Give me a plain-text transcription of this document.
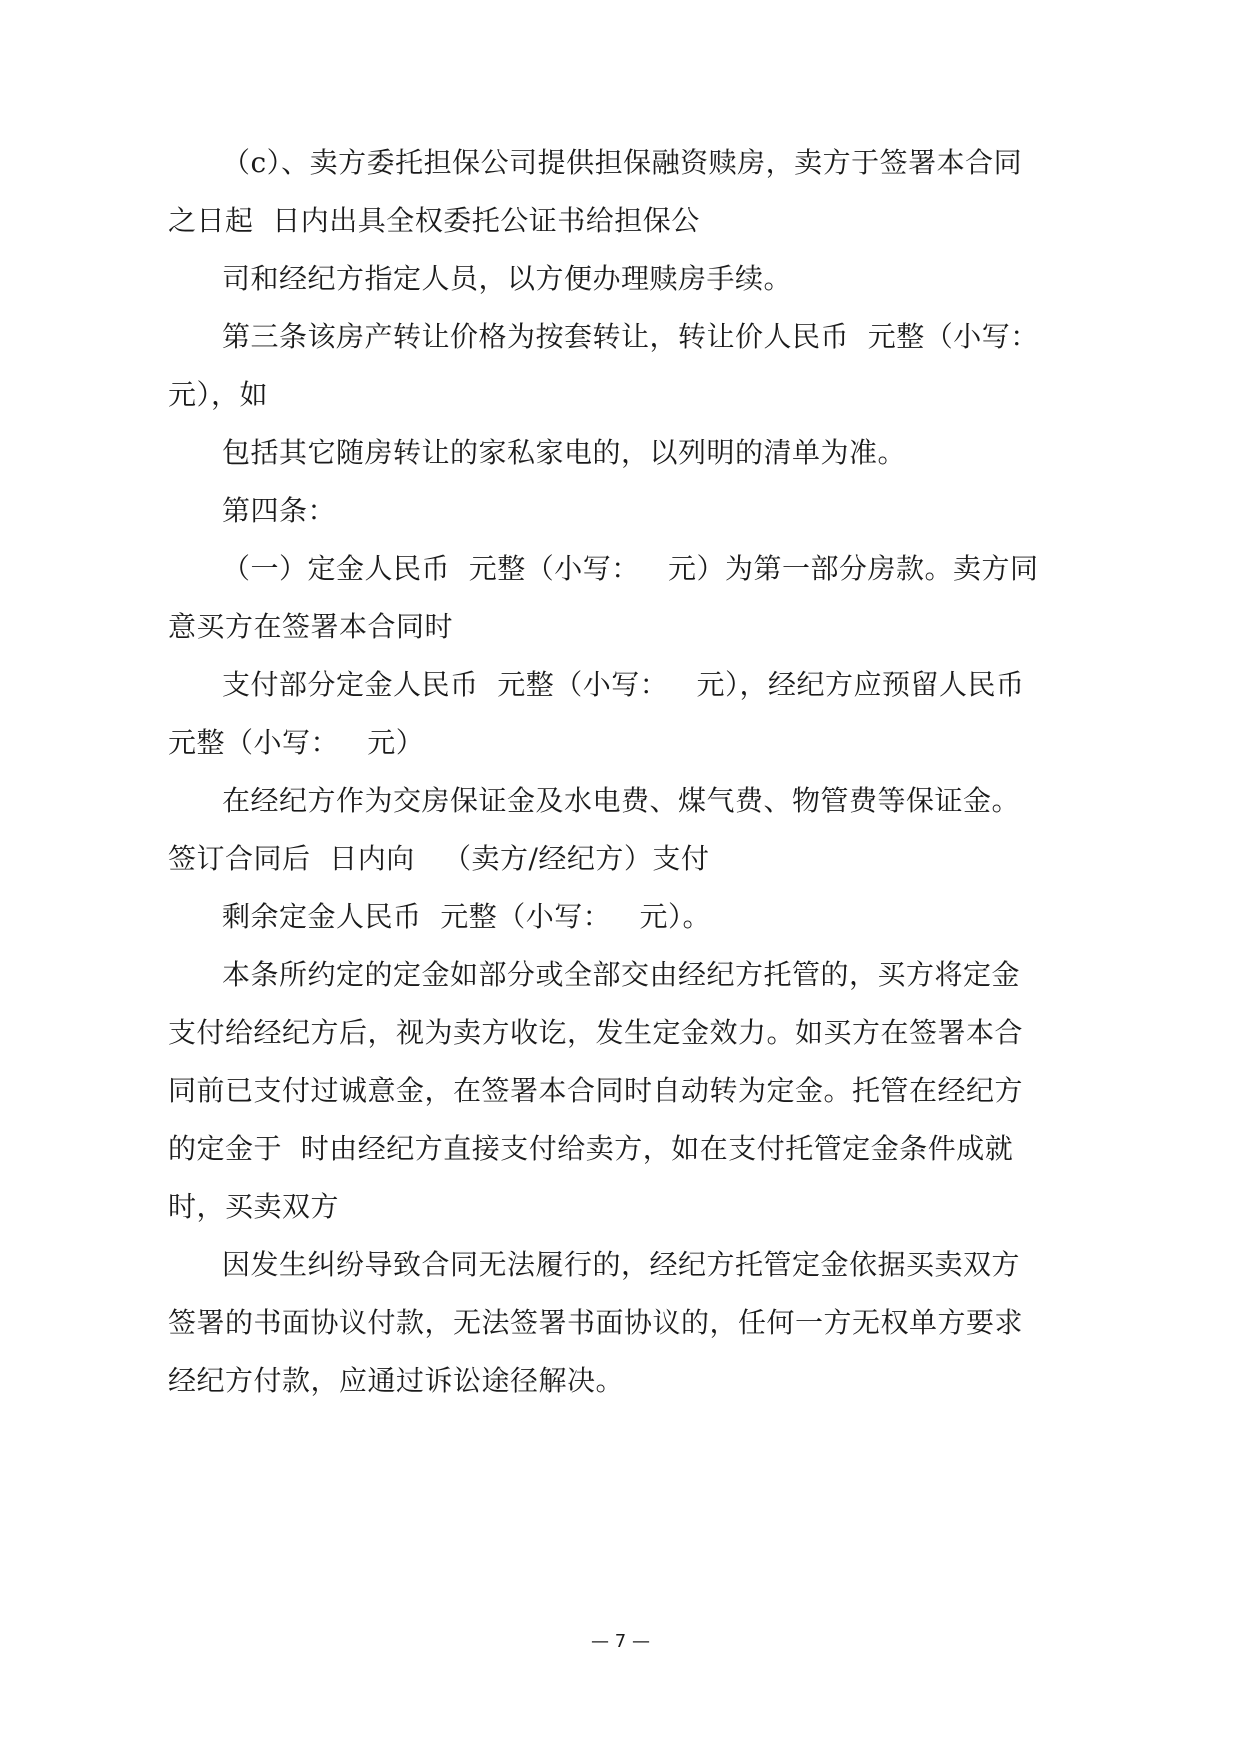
（c）、卖方委托担保公司提供担保融资赎房，卖方于签署本合同
之日起  日内出具全权委托公证书给担保公
司和经纪方指定人员，以方便办理赎房手续。
第三条该房产转让价格为按套转让，转让价人民币  元整（小写：
元），如
包括其它随房转让的家私家电的，以列明的清单为准。
第四条：
（一）定金人民币  元整（小写：   元）为第一部分房款。卖方同
意买方在签署本合同时
支付部分定金人民币  元整（小写：   元），经纪方应预留人民币
元整（小写：   元）
在经纪方作为交房保证金及水电费、煤气费、物管费等保证金。
签订合同后  日内向   （卖方/经纪方）支付
剩余定金人民币  元整（小写：   元）。
本条所约定的定金如部分或全部交由经纪方托管的，买方将定金
支付给经纪方后，视为卖方收讫，发生定金效力。如买方在签署本合
同前已支付过诚意金，在签署本合同时自动转为定金。托管在经纪方
的定金于  时由经纪方直接支付给卖方，如在支付托管定金条件成就
时，买卖双方
因发生纠纷导致合同无法履行的，经纪方托管定金依据买卖双方
签署的书面协议付款，无法签署书面协议的，任何一方无权单方要求
经纪方付款，应通过诉讼途径解决。
— 7 —
